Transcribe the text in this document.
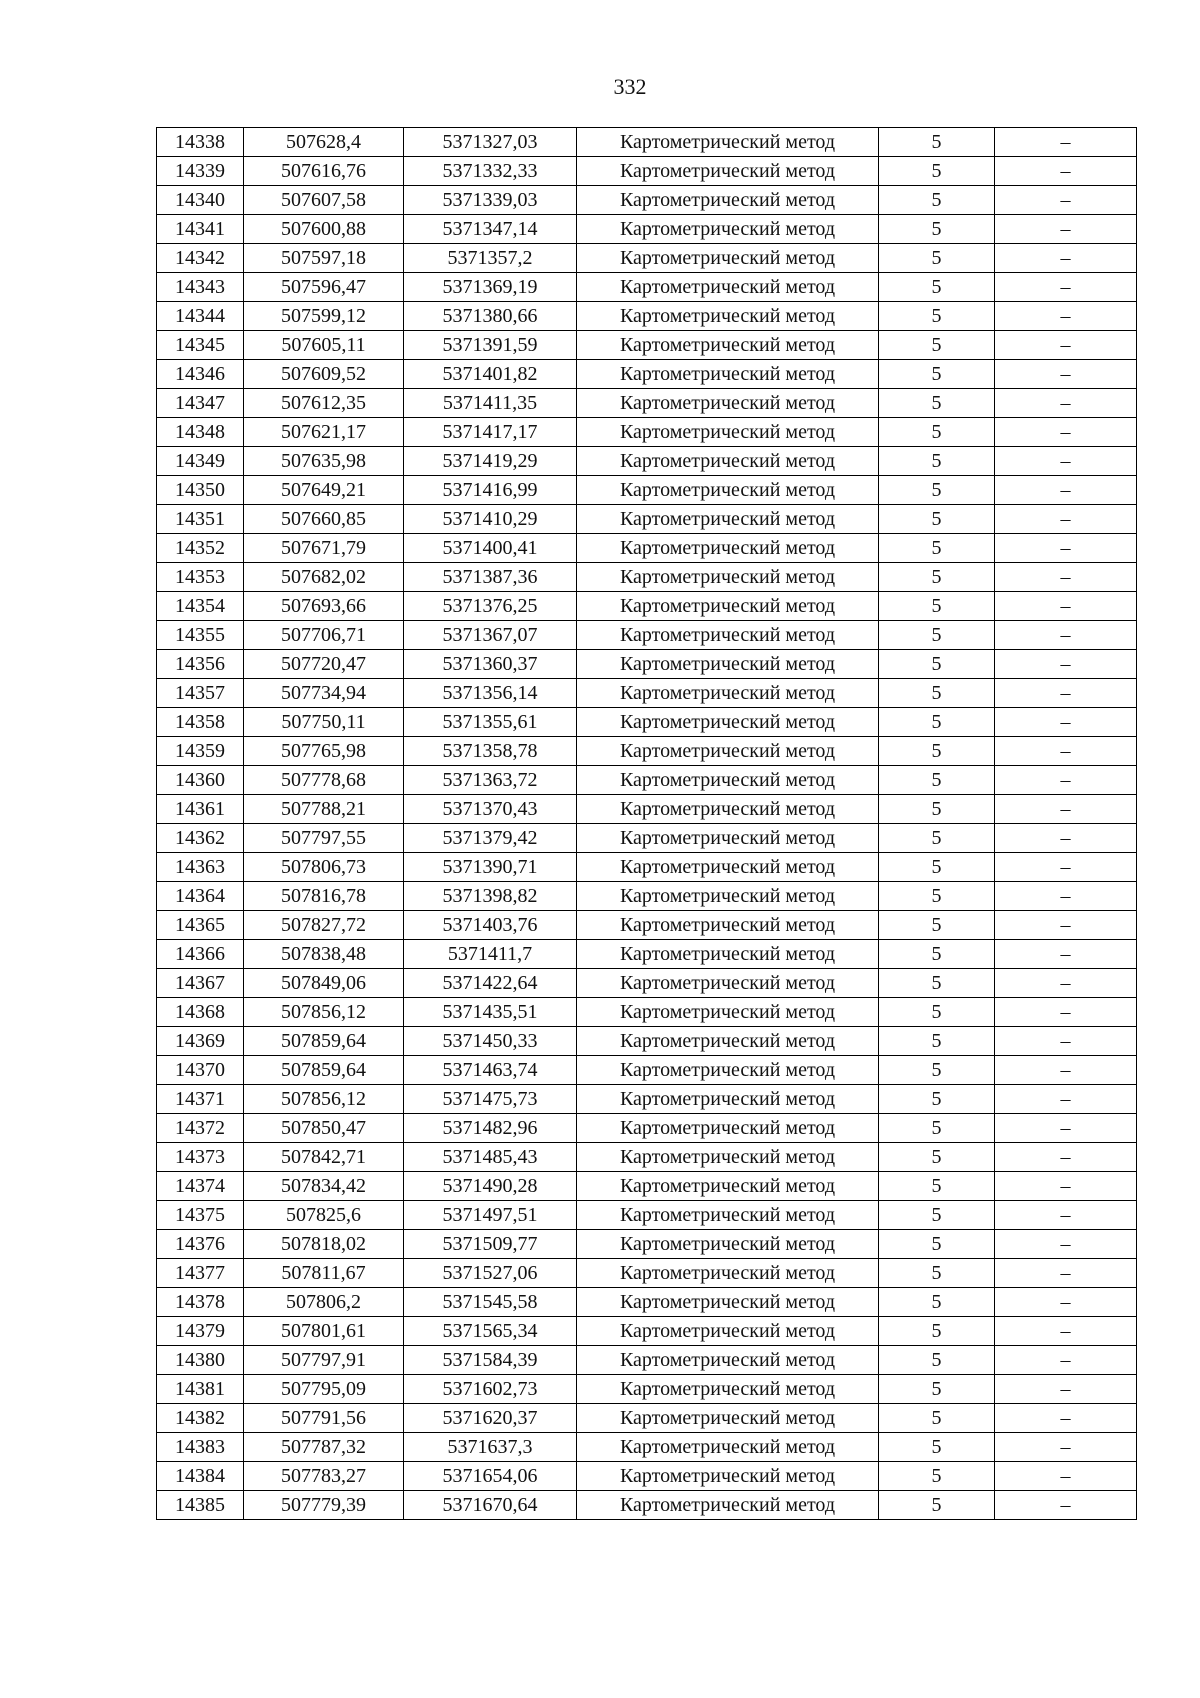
332
14338	507628,4	5371327,03	Картометрический метод	5	–
14339	507616,76	5371332,33	Картометрический метод	5	–
14340	507607,58	5371339,03	Картометрический метод	5	–
14341	507600,88	5371347,14	Картометрический метод	5	–
14342	507597,18	5371357,2	Картометрический метод	5	–
14343	507596,47	5371369,19	Картометрический метод	5	–
14344	507599,12	5371380,66	Картометрический метод	5	–
14345	507605,11	5371391,59	Картометрический метод	5	–
14346	507609,52	5371401,82	Картометрический метод	5	–
14347	507612,35	5371411,35	Картометрический метод	5	–
14348	507621,17	5371417,17	Картометрический метод	5	–
14349	507635,98	5371419,29	Картометрический метод	5	–
14350	507649,21	5371416,99	Картометрический метод	5	–
14351	507660,85	5371410,29	Картометрический метод	5	–
14352	507671,79	5371400,41	Картометрический метод	5	–
14353	507682,02	5371387,36	Картометрический метод	5	–
14354	507693,66	5371376,25	Картометрический метод	5	–
14355	507706,71	5371367,07	Картометрический метод	5	–
14356	507720,47	5371360,37	Картометрический метод	5	–
14357	507734,94	5371356,14	Картометрический метод	5	–
14358	507750,11	5371355,61	Картометрический метод	5	–
14359	507765,98	5371358,78	Картометрический метод	5	–
14360	507778,68	5371363,72	Картометрический метод	5	–
14361	507788,21	5371370,43	Картометрический метод	5	–
14362	507797,55	5371379,42	Картометрический метод	5	–
14363	507806,73	5371390,71	Картометрический метод	5	–
14364	507816,78	5371398,82	Картометрический метод	5	–
14365	507827,72	5371403,76	Картометрический метод	5	–
14366	507838,48	5371411,7	Картометрический метод	5	–
14367	507849,06	5371422,64	Картометрический метод	5	–
14368	507856,12	5371435,51	Картометрический метод	5	–
14369	507859,64	5371450,33	Картометрический метод	5	–
14370	507859,64	5371463,74	Картометрический метод	5	–
14371	507856,12	5371475,73	Картометрический метод	5	–
14372	507850,47	5371482,96	Картометрический метод	5	–
14373	507842,71	5371485,43	Картометрический метод	5	–
14374	507834,42	5371490,28	Картометрический метод	5	–
14375	507825,6	5371497,51	Картометрический метод	5	–
14376	507818,02	5371509,77	Картометрический метод	5	–
14377	507811,67	5371527,06	Картометрический метод	5	–
14378	507806,2	5371545,58	Картометрический метод	5	–
14379	507801,61	5371565,34	Картометрический метод	5	–
14380	507797,91	5371584,39	Картометрический метод	5	–
14381	507795,09	5371602,73	Картометрический метод	5	–
14382	507791,56	5371620,37	Картометрический метод	5	–
14383	507787,32	5371637,3	Картометрический метод	5	–
14384	507783,27	5371654,06	Картометрический метод	5	–
14385	507779,39	5371670,64	Картометрический метод	5	–
